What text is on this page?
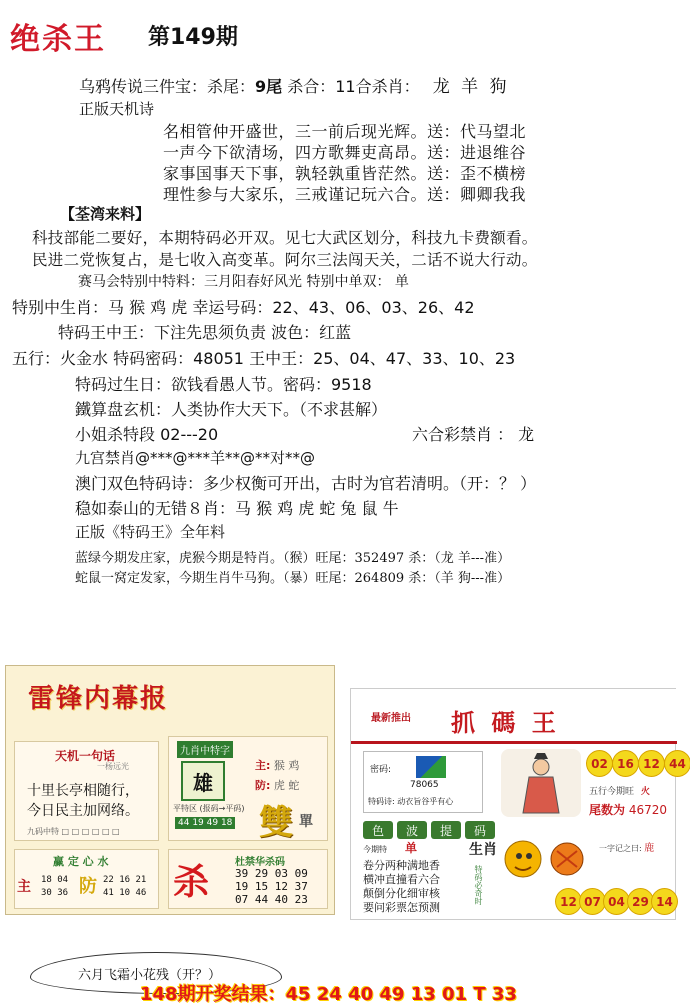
绝杀王 第149期
乌鸦传说三件宝：杀尾：9尾 杀合：11合杀肖： 龙 羊 狗
正版天机诗
名相管仲开盛世，三一前后现光辉。送：代马望北
一声今下欲清场，四方歌舞吏高昂。送：进退维谷
家事国事天下事，孰轻孰重皆茫然。送：歪不横榜
理性参与大家乐，三戒谨记玩六合。送：卿卿我我
【荃湾来料】
科技部能二要好，本期特码必开双。见七大武区划分，科技九卡费额看。
民进二党恢复占，是七收入高变革。阿尔三法闯天关，二话不说大行动。
赛马会特别中特料：三月阳春好风光 特别中单双： 单
特别中生肖：马 猴 鸡 虎 幸运号码：22、43、06、03、26、42
特码王中王：下注先思须负责 波色：红蓝
五行：火金水 特码密码：48051 王中王：25、04、47、33、10、23
特码过生日：欲钱看愚人节。密码：9518
鐵算盘玄机：人类协作大天下。（不求甚解）
小姐杀特段 02---20	六合彩禁肖 ： 龙
九宫禁肖@***@***羊**@**对**@
澳门双色特码诗：多少权衡可开出，古时为官若清明。（开：？ ）
稳如泰山的无错８肖：马 猴 鸡 虎 蛇 兔 鼠 牛
正版《特码王》全年料
蓝绿今期发庄家，虎猴今期是特肖。（猴）旺尾：352497 杀：（龙 羊---准）
蛇鼠一窝定发家，今期生肖牛马狗。（暴）旺尾：264809 杀：（羊 狗---准）
雷锋内幕报
天机一句话
一杨远光
十里长亭相随行，
今日民主加网络。
九码中特 □ □ □ □ □ □
九肖中特字
雄
平特区 (报码→平码)
44 19 49 18
主: 猴 鸡
防: 虎 蛇
雙 單
赢 定 心 水
主 18 04
30 36 防 22 16 21
41 10 46 杀	杜禁华杀码
39 29 03 09
19 15 12 37
07 44 40 23
最新推出 抓 碼 王
密码:
78065
特码诗: 动衣旨谷乎有心
02 16 12 44
五行今期旺 火
尾数为 46720
色	波	提	码
今期特 单
卷分两种满地香
横冲直撞看六合
颠倒分化细审核
要问彩票怎预测
生肖
特码必奇时
一字记之曰: 鹿
12 07 04 29 14
六月飞霜小花残（开？）
148期开奖结果：45 24 40 49 13 01 T 33
